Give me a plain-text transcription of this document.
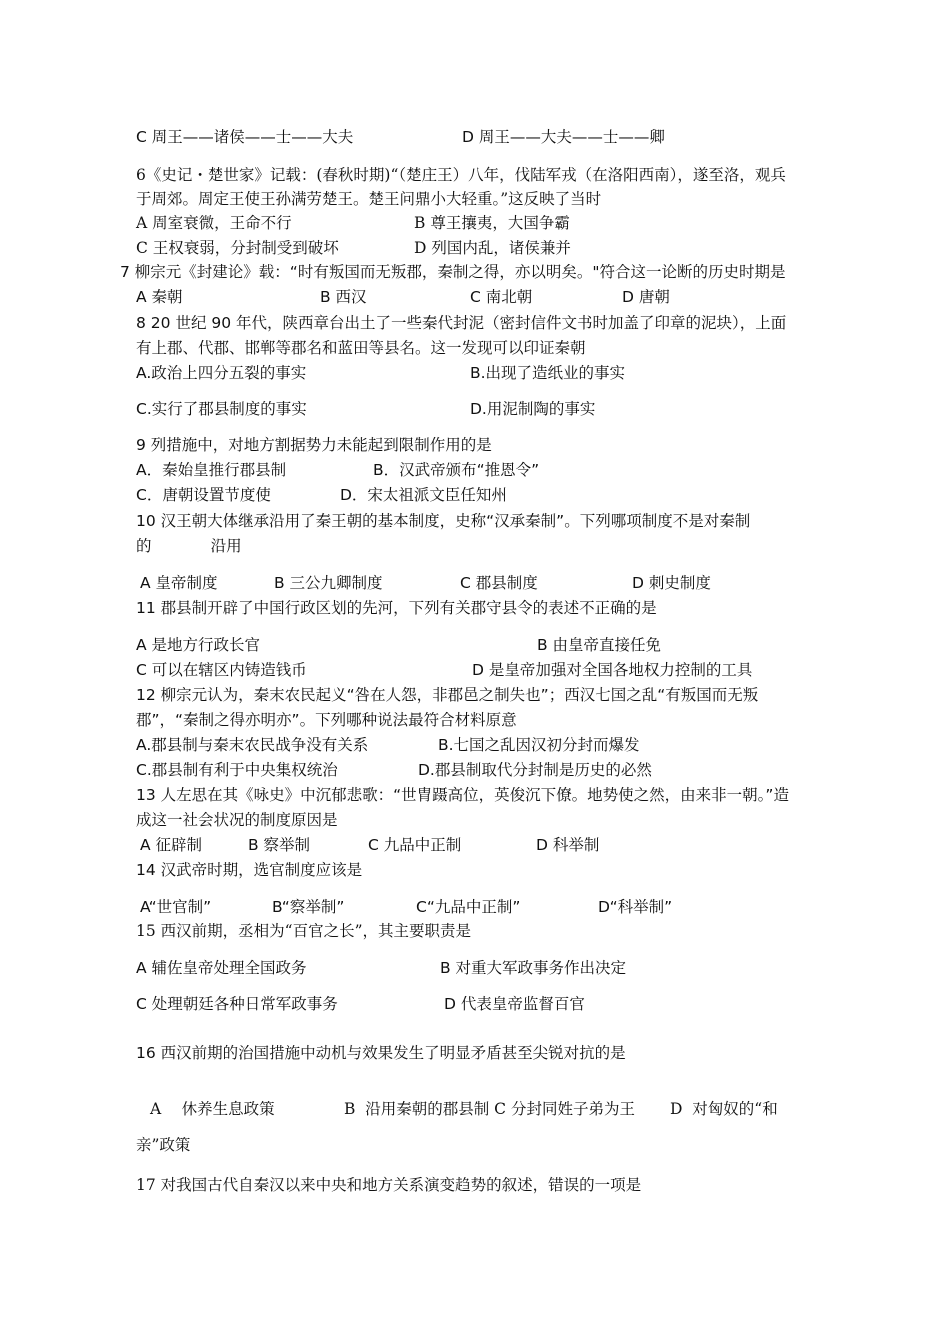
C 周王——诸侯——士——大夫	D 周王——大夫——士——卿
6《史记・楚世家》记载：(春秋时期)“（楚庄王）八年，伐陆军戎（在洛阳西南），遂至洛，观兵
于周郊。周定王使王孙满劳楚王。楚王问鼎小大轻重。”这反映了当时
A 周室衰微，王命不行	B 尊王攘夷，大国争霸
C 王权衰弱，分封制受到破坏	D 列国内乱，诸侯兼并
7 柳宗元《封建论》载：“时有叛国而无叛郡，秦制之得，亦以明矣。"符合这一论断的历史时期是
A 秦朝	B 西汉	C 南北朝	D 唐朝
8 20 世纪 90 年代，陕西章台出土了一些秦代封泥（密封信件文书时加盖了印章的泥块），上面
有上郡、代郡、邯郸等郡名和蓝田等县名。这一发现可以印证秦朝
A.政治上四分五裂的事实	B.出现了造纸业的事实
C.实行了郡县制度的事实	D.用泥制陶的事实
9 列措施中，对地方割据势力未能起到限制作用的是
A．秦始皇推行郡县制	B．汉武帝颁布“推恩令”
C．唐朝设置节度使	D．宋太祖派文臣任知州
10 汉王朝大体继承沿用了秦王朝的基本制度，史称“汉承秦制”。下列哪项制度不是对秦制
的            沿用
A 皇帝制度	B 三公九卿制度	C 郡县制度	D 刺史制度
11 郡县制开辟了中国行政区划的先河，下列有关郡守县令的表述不正确的是
A 是地方行政长官	B 由皇帝直接任免
C 可以在辖区内铸造钱币	D 是皇帝加强对全国各地权力控制的工具
12 柳宗元认为，秦末农民起义“咎在人怨，非郡邑之制失也”；西汉七国之乱“有叛国而无叛
郡”，“秦制之得亦明亦”。下列哪种说法最符合材料原意
A.郡县制与秦末农民战争没有关系	B.七国之乱因汉初分封而爆发
C.郡县制有利于中央集权统治	D.郡县制取代分封制是历史的必然
13 人左思在其《咏史》中沉郁悲歌：“世胄蹑高位，英俊沉下僚。地势使之然，由来非一朝。”造
成这一社会状况的制度原因是
A 征辟制	B 察举制	C 九品中正制	D 科举制
14 汉武帝时期，选官制度应该是
A“世官制”	B“察举制”	C“九品中正制”	D“科举制”
15 西汉前期，丞相为“百官之长”，其主要职责是
A 辅佐皇帝处理全国政务	B 对重大军政事务作出决定
C 处理朝廷各种日常军政事务	D 代表皇帝监督百官
16 西汉前期的治国措施中动机与效果发生了明显矛盾甚至尖锐对抗的是
A　 休养生息政策	B  沿用秦朝的郡县制 C 分封同姓子弟为王 D  对匈奴的“和
亲”政策
17 对我国古代自秦汉以来中央和地方关系演变趋势的叙述，错误的一项是
